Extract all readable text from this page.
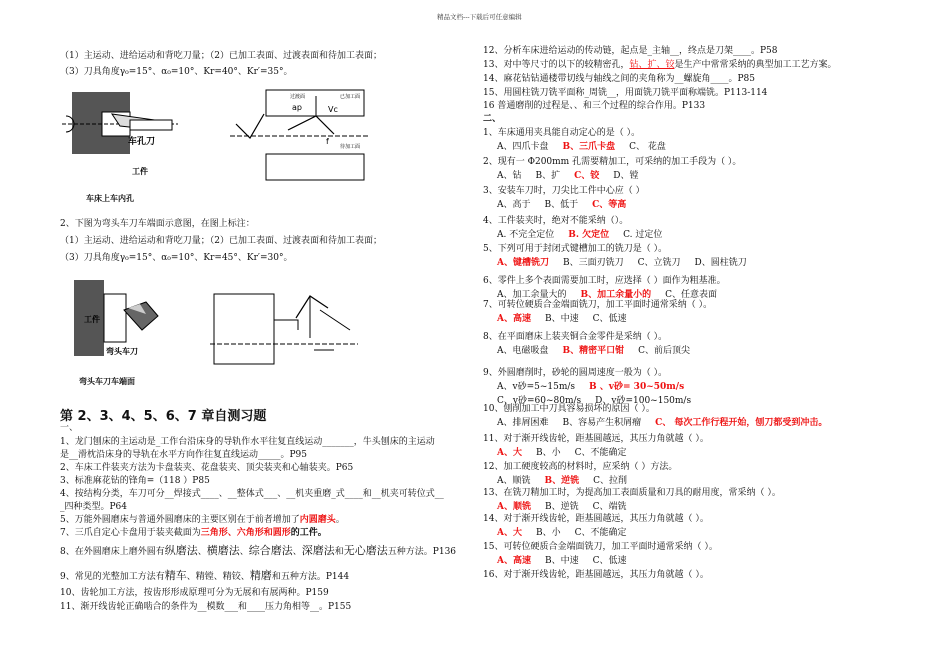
精品文档---下载后可任意编辑
（1）主运动、进给运动和背吃刀量；（2）已加工表面、过渡表面和待加工表面；
（3）刀具角度γ₀=15°、α₀=10°、Kr=40°、Kr′=35°。
车孔刀
工件
车床上车内孔
过渡面
ap	Vc
已加工面
待加工面
f
2、下图为弯头车刀车端面示意图，在图上标注：
（1）主运动、进给运动和背吃刀量；（2）已加工表面、过渡表面和待加工表面；
（3）刀具角度γ₀=15°、α₀=10°、Kr=45°、Kr′=30°。
工件
弯头车刀
弯头车刀车端面
第 2、3、4、5、6、7 章自测习题
一、
1、龙门刨床的主运动是_工作台沿床身的导轨作水平往复直线运动_______，牛头刨床的主运动
是__滑枕沿床身的导轨在水平方向作往复直线运动_____。P95
2、车床工件装夹方法为卡盘装夹、花盘装夹、顶尖装夹和心轴装夹。P65
3、标准麻花钻的锋角=（118 ）P85
4、按结构分类，车刀可分__焊接式____、__整体式___、__机夹重磨_式____和__机夹可转位式__
_四种类型。P64
5、万能外圆磨床与普通外圆磨床的主要区别在于前者增加了内圆磨头。
7、三爪自定心卡盘用于装夹截面为三角形、六角形和圆形的工件。
8、在外圆磨床上磨外圆有纵磨法、横磨法、综合磨法、深磨法和无心磨法五种方法。P136
9、常见的光整加工方法有精车、精镗、精铰、精磨和五种方法。P144
10、齿轮加工方法，按齿形形成原理可分为无展和有展两种。P159
11、渐开线齿轮正确啮合的条件为__模数___和____压力角相等__。P155
12、分析车床进给运动的传动链，起点是_主轴__，终点是刀架____。P58
13、对中等尺寸的以下的较精密孔，钻、扩、铰是生产中常常采纳的典型加工工艺方案。
14、麻花钻钻通楼带切线与轴线之间的夹角称为__螺旋角____。P85
15、用圆柱铣刀铣平面称_周铣__，用面铣刀铣平面称端铣。P113-114
16 普通磨削的过程是、、和三个过程的综合作用。P133
二、
1、车床通用夹具能自动定心的是（ ）。
A、四爪卡盘 B、三爪卡盘 C、 花盘
2、现有一 Φ200mm 孔需要精加工，可采纳的加工手段为（ ）。
A、钻 B、扩 C、铰 D、镗
3、安装车刀时，刀尖比工件中心应（ ）
A、高于 B、低于 C、等高
4、工件装夹时，绝对不能采纳（）。
A. 不完全定位 B. 欠定位 C. 过定位
5、下列可用于封闭式键槽加工的铣刀是（ ）。
A、键槽铣刀 B、三面刃铣刀 C、立铣刀 D、圆柱铣刀
6、零件上多个表面需要加工时，应选择（ ）面作为粗基准。
A、加工余量大的 B、加工余量小的 C、任意表面
7、可转位硬质合金端面铣刀，加工平面时通常采纳（ ）。
A、高速 B、中速 C、低速
8、在平面磨床上装夹铜合金零件是采纳（ ）。
A、电磁吸盘 B、精密平口钳 C、前后顶尖
9、外圆磨削时，砂轮的圆周速度一般为（ ）。
A、v砂=5~15m/s B 、v砂= 30~50m/s
C、v砂=60~80m/s D、v砂=100~150m/s
10、刨削加工中刀具容易损坏的原因（ ）。
A、排屑困难 B、容易产生积屑瘤 C、 每次工作行程开始，刨刀都受到冲击。
11、对于渐开线齿轮，距基圆越远，其压力角就越（ ）。
A、大 B、小 C、不能确定
12、加工硬度较高的材料时，应采纳（ ）方法。
A、顺铣 B、逆铣 C、拉削
13、在铣刀精加工时，为提高加工表面质量和刀具的耐用度，常采纳（ ）。
A、顺铣 B、逆铣 C、端铣
14、对于渐开线齿轮，距基圆越远，其压力角就越（ ）。
A、大 B、小 C、不能确定
15、可转位硬质合金端面铣刀，加工平面时通常采纳（ ）。
A、高速 B、中速 C、低速
16、对于渐开线齿轮，距基圆越远，其压力角就越（ ）。
